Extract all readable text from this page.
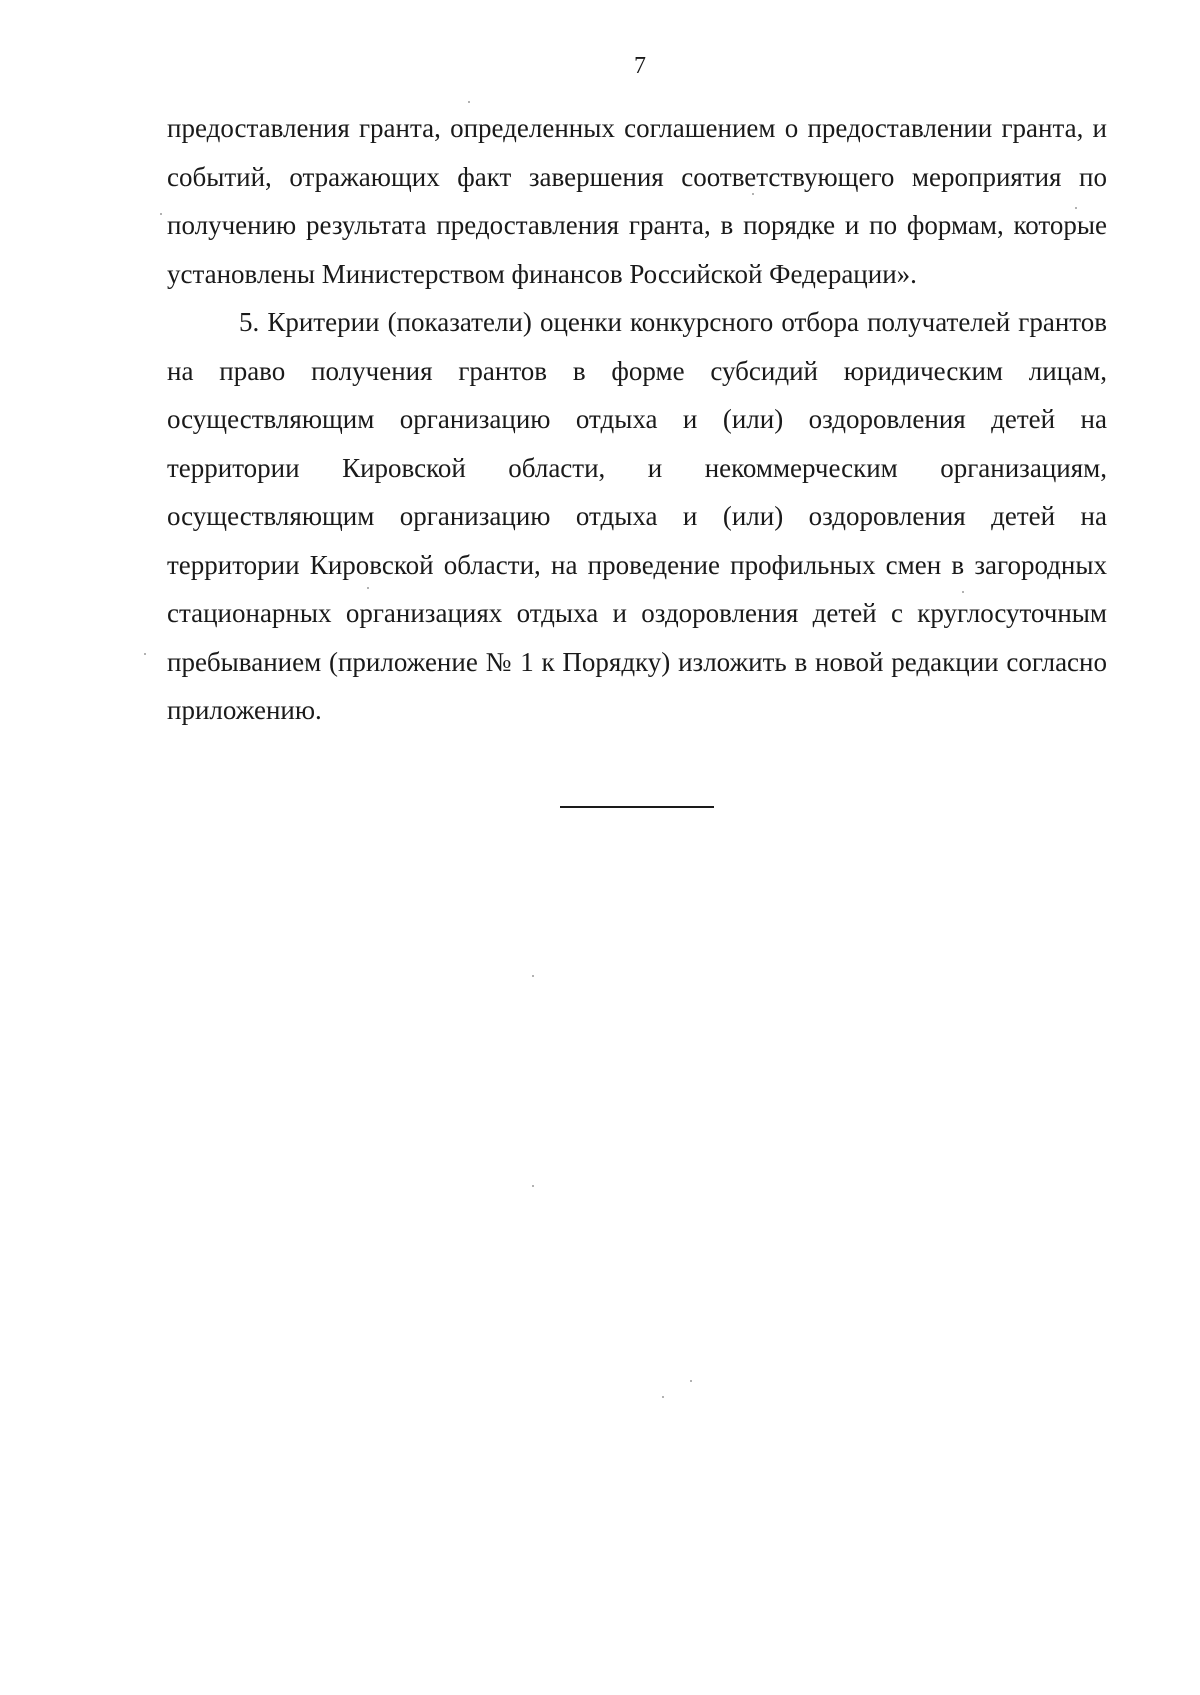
7

предоставления гранта, определенных соглашением о предоставлении гранта, и событий, отражающих факт завершения соответствующего мероприятия по получению результата предоставления гранта, в порядке и по формам, которые установлены Министерством финансов Российской Федерации».

5. Критерии (показатели) оценки конкурсного отбора получателей грантов на право получения грантов в форме субсидий юридическим лицам, осуществляющим организацию отдыха и (или) оздоровления детей на территории Кировской области, и некоммерческим организациям, осуществляющим организацию отдыха и (или) оздоровления детей на территории Кировской области, на проведение профильных смен в загородных стационарных организациях отдыха и оздоровления детей с круглосуточным пребыванием (приложение № 1 к Порядку) изложить в новой редакции согласно приложению.
